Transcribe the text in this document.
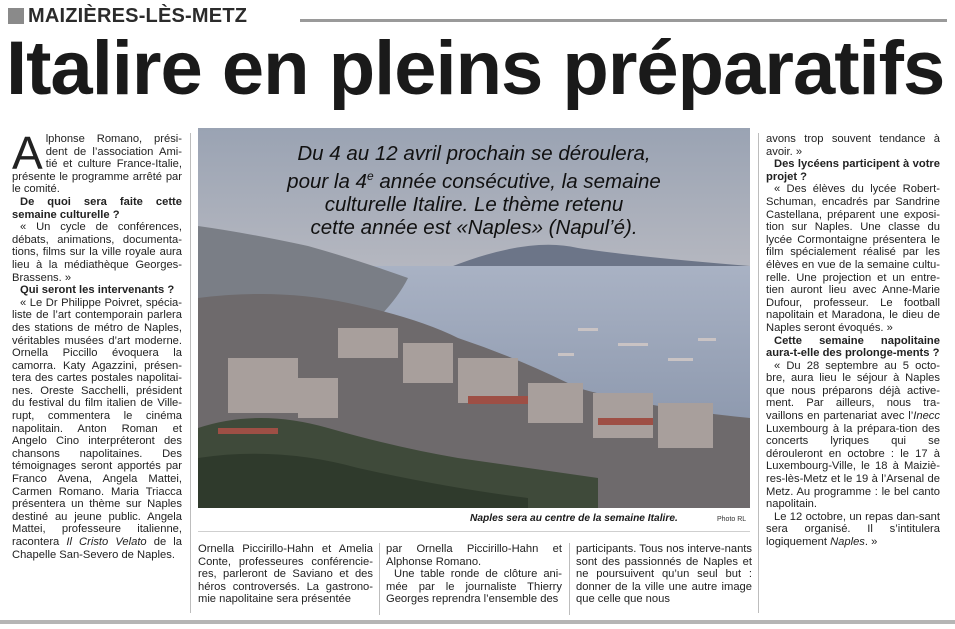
MAIZIÈRES-LÈS-METZ
Italire en pleins préparatifs

Alphonse Romano, prési-dent de l’association Ami-tié et culture France-Italie, présente le programme arrêté par le comité.

De quoi sera faite cette semaine culturelle ?

« Un cycle de conférences, débats, animations, documenta-tions, films sur la ville royale aura lieu à la médiathèque Georges-Brassens. »

Qui seront les intervenants ?

« Le Dr Philippe Poivret, spécia-liste de l’art contemporain parlera des stations de métro de Naples, véritables musées d’art moderne. Ornella Piccillo évoquera la camorra. Katy Agazzini, présen-tera des cartes postales napolitai-nes. Oreste Sacchelli, président du festival du film italien de Ville-rupt, commentera le cinéma napolitain. Anton Roman et Angelo Cino interpréteront des chansons napolitaines. Des témoignages seront apportés par Franco Avena, Angela Mattei, Carmen Romano. Maria Triacca présentera un thème sur Naples destiné au jeune public. Angela Mattei, professeure italienne, racontera Il Cristo Velato de la Chapelle San-Severo de Naples.

Du 4 au 12 avril prochain se déroulera,
pour la 4e année consécutive, la semaine
culturelle Italire. Le thème retenu
cette année est «Naples» (Napul’é).
Naples sera au centre de la semaine Italire.	Photo RL

Ornella Piccirillo-Hahn et Amelia Conte, professeures conférencie-res, parleront de Saviano et des héros controversés. La gastrono-mie napolitaine sera présentée

par Ornella Piccirillo-Hahn et Alphonse Romano.

Une table ronde de clôture ani-mée par le journaliste Thierry Georges reprendra l’ensemble des

participants. Tous nos interve-nants sont des passionnés de Naples et ne poursuivent qu’un seul but : donner de la ville une autre image que celle que nous

avons trop souvent tendance à avoir. »

Des lycéens participent à votre projet ?

« Des élèves du lycée Robert-Schuman, encadrés par Sandrine Castellana, préparent une exposi-tion sur Naples. Une classe du lycée Cormontaigne présentera le film spécialement réalisé par les élèves en vue de la semaine cultu-relle. Une projection et un entre-tien auront lieu avec Anne-Marie Dufour, professeur. Le football napolitain et Maradona, le dieu de Naples seront évoqués. »

Cette semaine napolitaine aura-t-elle des prolonge-ments ?

« Du 28 septembre au 5 octo-bre, aura lieu le séjour à Naples que nous préparons déjà active-ment. Par ailleurs, nous tra-vaillons en partenariat avec l’Inecc Luxembourg à la prépara-tion des concerts lyriques qui se dérouleront en octobre : le 17 à Luxembourg-Ville, le 18 à Maiziè-res-lès-Metz et le 19 à l’Arsenal de Metz. Au programme : le bel canto napolitain.

Le 12 octobre, un repas dan-sant sera organisé. Il s’intitulera logiquement Naples. »
